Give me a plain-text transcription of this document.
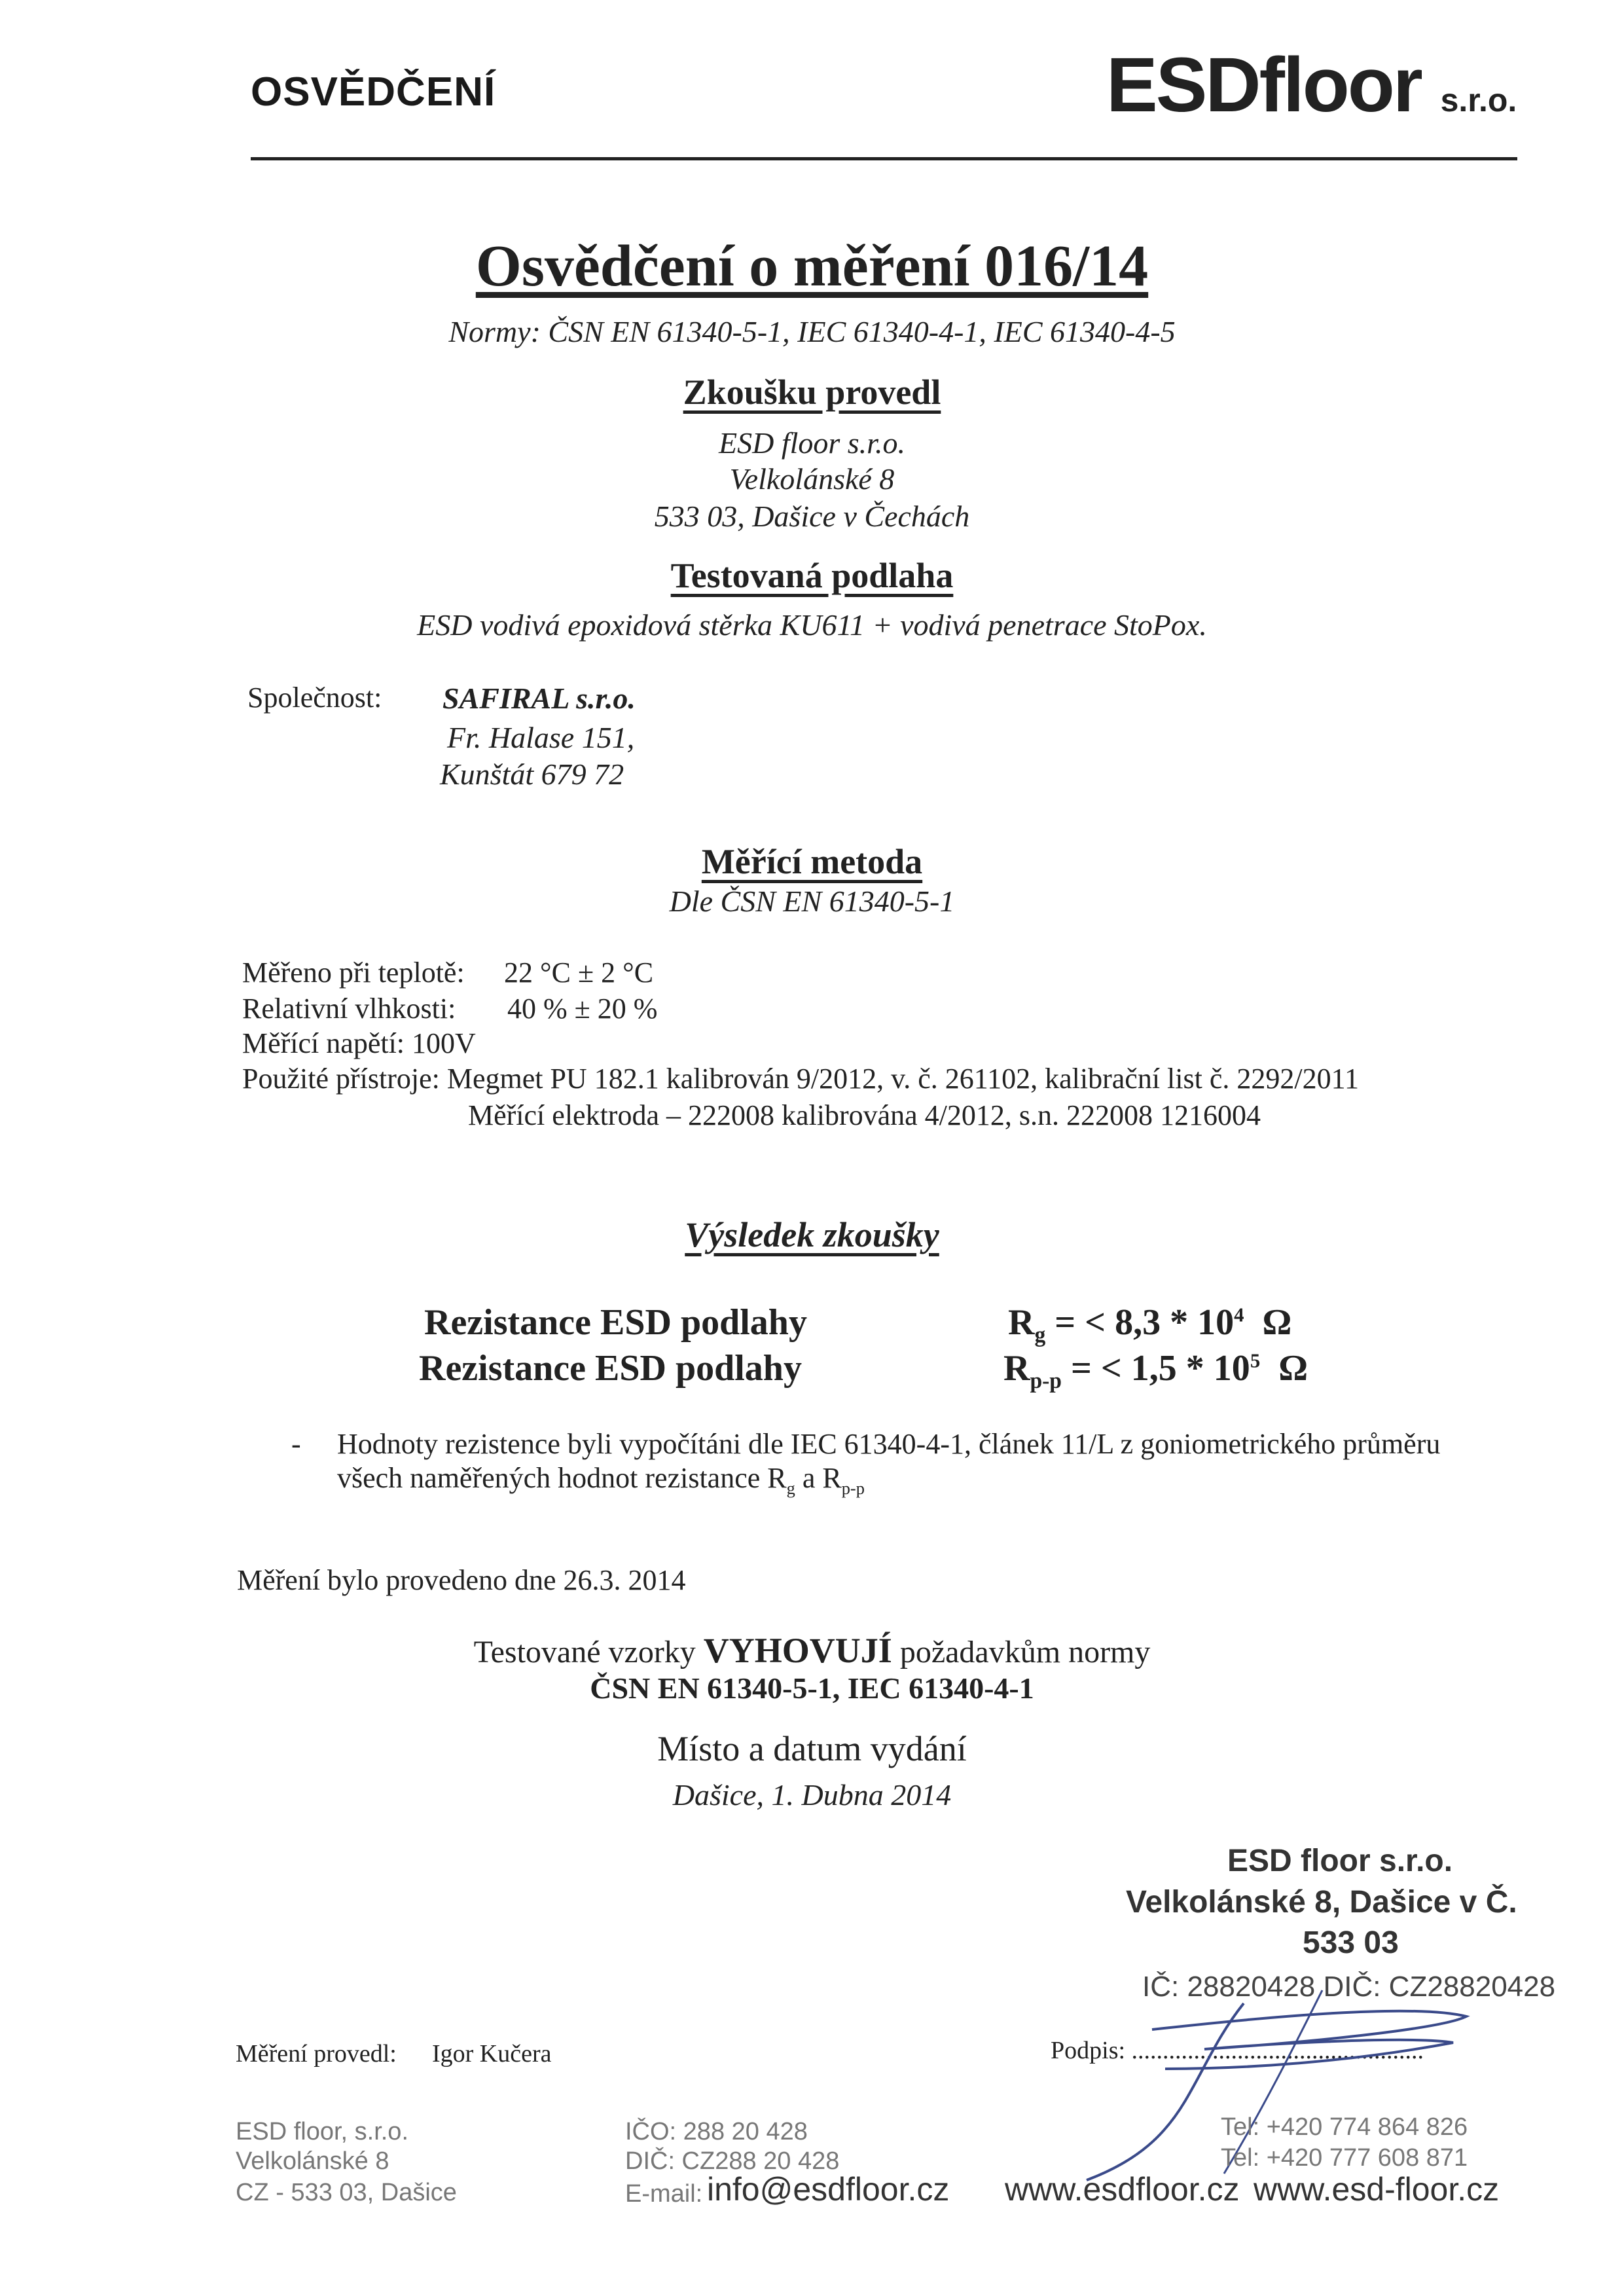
OSVĚDČENÍ	ESDfloor s.r.o.
Osvědčení o měření 016/14
Normy: ČSN EN 61340-5-1, IEC 61340-4-1, IEC 61340-4-5
Zkoušku provedl
ESD floor s.r.o.
Velkolánské 8
533 03, Dašice v Čechách
Testovaná podlaha
ESD vodivá epoxidová stěrka KU611 + vodivá penetrace StoPox.
Společnost: SAFIRAL s.r.o.
Fr. Halase 151,
Kunštát 679 72
Měřící metoda
Dle ČSN EN 61340-5-1
Měřeno při teplotě: 22 °C ± 2 °C
Relativní vlhkosti: 40 % ± 20 %
Měřící napětí: 100V
Použité přístroje: Megmet PU 182.1 kalibrován 9/2012, v. č. 261102, kalibrační list č. 2292/2011
Měřící elektroda – 222008 kalibrována 4/2012, s.n. 222008 1216004
Výsledek zkoušky
Rezistance ESD podlahy	$R_g$ = < $8,3 * 10^4$ Ω
Rezistance ESD podlahy	$R_{p-p}$ = < $1,5 * 10^5$ Ω
- Hodnoty rezistence byli vypočítáni dle IEC 61340-4-1, článek 11/L z goniometrického průměru
všech naměřených hodnot rezistance $R_g$ a $R_{p-p}$
Měření bylo provedeno dne 26.3. 2014
Testované vzorky VYHOVUJÍ požadavkům normy
ČSN EN 61340-5-1, IEC 61340-4-1
Místo a datum vydání
Dašice, 1. Dubna 2014
ESD floor s.r.o.
Velkolánské 8, Dašice v Č.
533 03
IČ: 28820428 DIČ: CZ28820428
Měření provedl: Igor Kučera	Podpis: ...............................................
ESD floor, s.r.o.
Velkolánské 8
CZ - 533 03, Dašice
IČO: 288 20 428
DIČ: CZ288 20 428
E-mail: info@esdfloor.cz
Tel: +420 774 864 826
Tel: +420 777 608 871
www.esdfloor.cz www.esd-floor.cz
